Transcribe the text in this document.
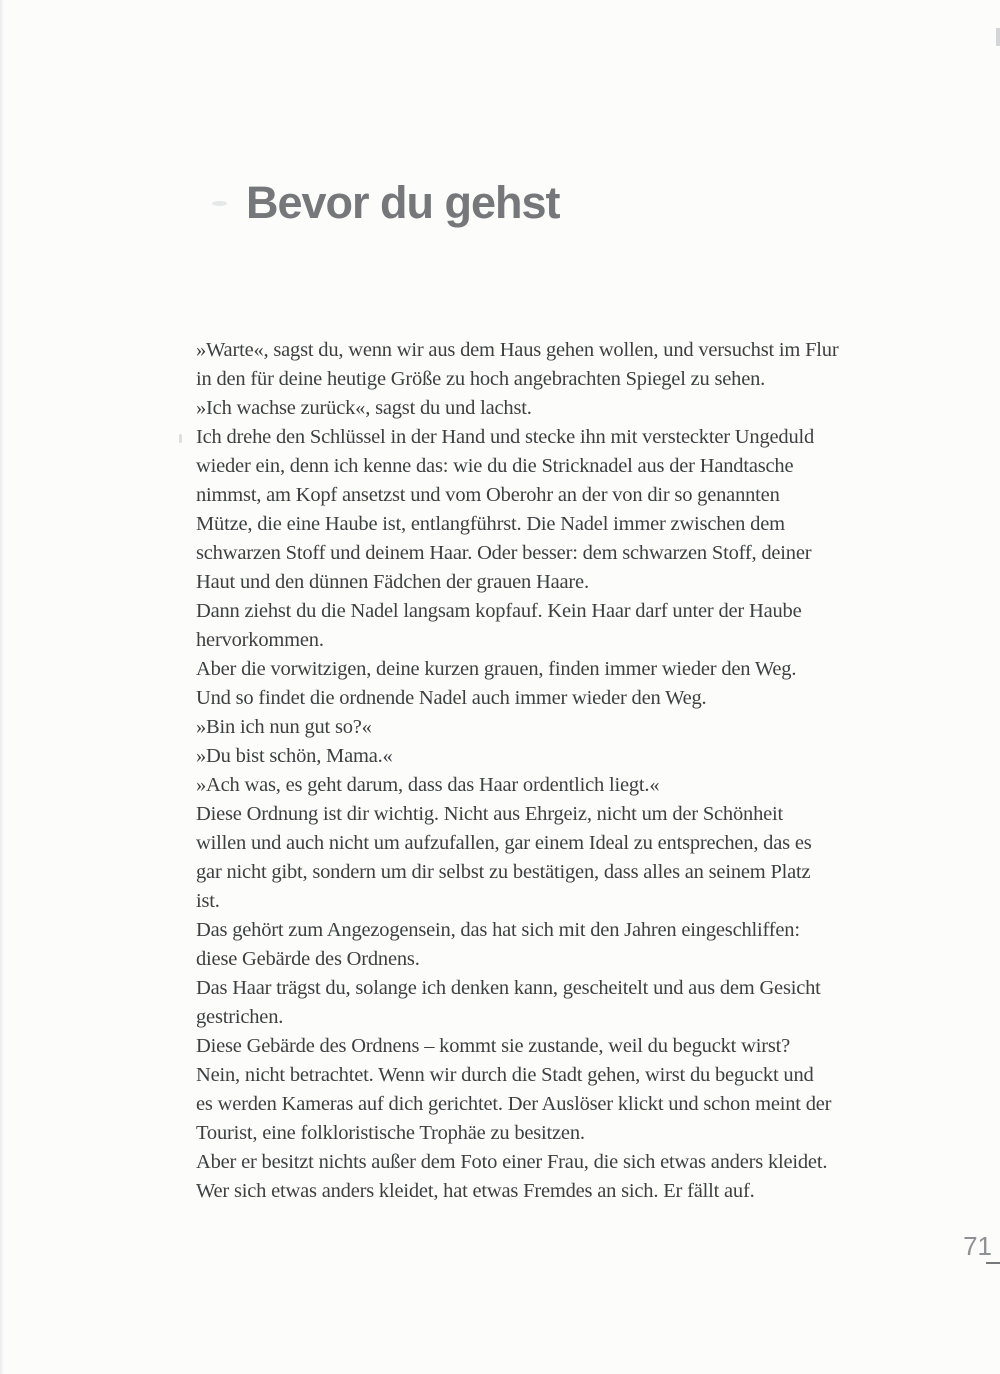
Bevor du gehst
»Warte«, sagst du, wenn wir aus dem Haus gehen wollen, und versuchst im Flur
in den für deine heutige Größe zu hoch angebrachten Spiegel zu sehen.
»Ich wachse zurück«, sagst du und lachst.
Ich drehe den Schlüssel in der Hand und stecke ihn mit versteckter Ungeduld
wieder ein, denn ich kenne das: wie du die Stricknadel aus der Handtasche
nimmst, am Kopf ansetzst und vom Oberohr an der von dir so genannten
Mütze, die eine Haube ist, entlangführst. Die Nadel immer zwischen dem
schwarzen Stoff und deinem Haar. Oder besser: dem schwarzen Stoff, deiner
Haut und den dünnen Fädchen der grauen Haare.
Dann ziehst du die Nadel langsam kopfauf. Kein Haar darf unter der Haube
hervorkommen.
Aber die vorwitzigen, deine kurzen grauen, finden immer wieder den Weg.
Und so findet die ordnende Nadel auch immer wieder den Weg.
»Bin ich nun gut so?«
»Du bist schön, Mama.«
»Ach was, es geht darum, dass das Haar ordentlich liegt.«
Diese Ordnung ist dir wichtig. Nicht aus Ehrgeiz, nicht um der Schönheit
willen und auch nicht um aufzufallen, gar einem Ideal zu entsprechen, das es
gar nicht gibt, sondern um dir selbst zu bestätigen, dass alles an seinem Platz
ist.
Das gehört zum Angezogensein, das hat sich mit den Jahren eingeschliffen:
diese Gebärde des Ordnens.
Das Haar trägst du, solange ich denken kann, gescheitelt und aus dem Gesicht
gestrichen.
Diese Gebärde des Ordnens – kommt sie zustande, weil du beguckt wirst?
Nein, nicht betrachtet. Wenn wir durch die Stadt gehen, wirst du beguckt und
es werden Kameras auf dich gerichtet. Der Auslöser klickt und schon meint der
Tourist, eine folkloristische Trophäe zu besitzen.
Aber er besitzt nichts außer dem Foto einer Frau, die sich etwas anders kleidet.
Wer sich etwas anders kleidet, hat etwas Fremdes an sich. Er fällt auf.
71
